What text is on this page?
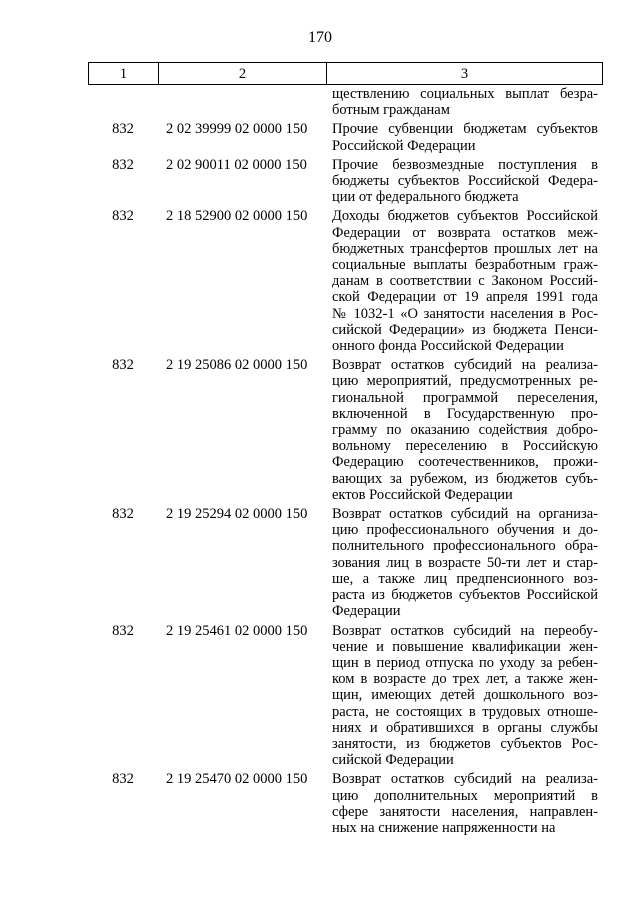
170
1	2	3
ществлению социальных выплат безра-
ботным гражданам
832	2 02 39999 02 0000 150	Прочие субвенции бюджетам субъектов
Российской Федерации
832	2 02 90011 02 0000 150	Прочие безвозмездные поступления в
бюджеты субъектов Российской Федера-
ции от федерального бюджета
832	2 18 52900 02 0000 150	Доходы бюджетов субъектов Российской
Федерации от возврата остатков меж-
бюджетных трансфертов прошлых лет на
социальные выплаты безработным граж-
данам в соответствии с Законом Россий-
ской Федерации от 19 апреля 1991 года
№ 1032-1 «О занятости населения в Рос-
сийской Федерации» из бюджета Пенси-
онного фонда Российской Федерации
832	2 19 25086 02 0000 150	Возврат остатков субсидий на реализа-
цию мероприятий, предусмотренных ре-
гиональной программой переселения,
включенной в Государственную про-
грамму по оказанию содействия добро-
вольному переселению в Российскую
Федерацию соотечественников, прожи-
вающих за рубежом, из бюджетов субъ-
ектов Российской Федерации
832	2 19 25294 02 0000 150	Возврат остатков субсидий на организа-
цию профессионального обучения и до-
полнительного профессионального обра-
зования лиц в возрасте 50-ти лет и стар-
ше, а также лиц предпенсионного воз-
раста из бюджетов субъектов Российской
Федерации
832	2 19 25461 02 0000 150	Возврат остатков субсидий на переобу-
чение и повышение квалификации жен-
щин в период отпуска по уходу за ребен-
ком в возрасте до трех лет, а также жен-
щин, имеющих детей дошкольного воз-
раста, не состоящих в трудовых отноше-
ниях и обратившихся в органы службы
занятости, из бюджетов субъектов Рос-
сийской Федерации
832	2 19 25470 02 0000 150	Возврат остатков субсидий на реализа-
цию дополнительных мероприятий в
сфере занятости населения, направлен-
ных на снижение напряженности на
